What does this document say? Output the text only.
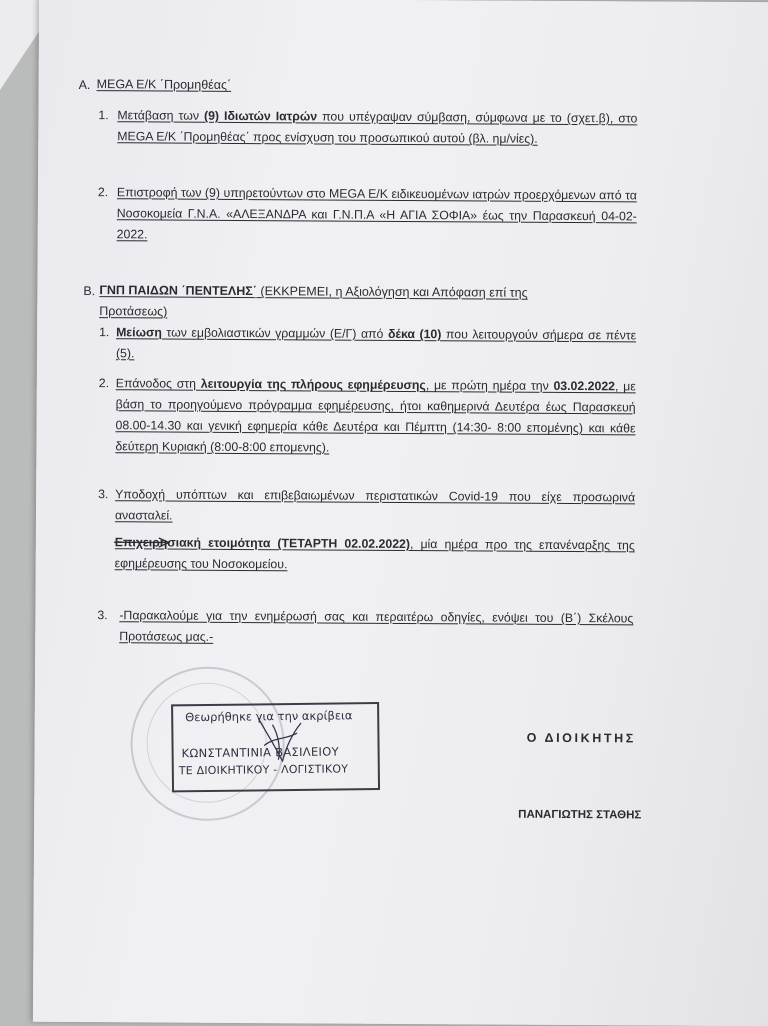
A. MEGA E/K ΄Προμηθέας΄
1. Μετάβαση των (9) Ιδιωτών Ιατρών που υπέγραψαν σύμβαση, σύμφωνα με το (σχετ.β), στο MEGA E/K ΄Προμηθέας΄ προς ενίσχυση του προσωπικού αυτού (βλ. ημ/νίες).
2. Επιστροφή των (9) υπηρετούντων στο MEGA E/K ειδικευομένων ιατρών προερχόμενων από τα Νοσοκομεία Γ.Ν.Α. «ΑΛΕΞΑΝΔΡΑ και Γ.Ν.Π.Α «Η ΑΓΙΑ ΣΟΦΙΑ» έως την Παρασκευή 04-02-2022.
B. ΓΝΠ ΠΑΙΔΩΝ ΄ΠΕΝΤΕΛΗΣ΄ (ΕΚΚΡΕΜΕΙ, η Αξιολόγηση και Απόφαση επί της Προτάσεως)
1. Μείωση των εμβολιαστικών γραμμών (Ε/Γ) από δέκα (10) που λειτουργούν σήμερα σε πέντε (5).
2. Επάνοδος στη λειτουργία της πλήρους εφημέρευσης, με πρώτη ημέρα την 03.02.2022, με βάση το προηγούμενο πρόγραμμα εφημέρευσης, ήτοι καθημερινά Δευτέρα έως Παρασκευή 08.00-14.30 και γενική εφημερία κάθε Δευτέρα και Πέμπτη (14:30- 8:00 επομένης) και κάθε δεύτερη Κυριακή (8:00-8:00 επομενης).
3. Υποδοχή υπόπτων και επιβεβαιωμένων περιστατικών Covid-19 που είχε προσωρινά ανασταλεί.
Επιχειρησιακή ετοιμότητα (ΤΕΤΑΡΤΗ 02.02.2022), μία ημέρα προ της επανέναρξης της εφημέρευσης του Νοσοκομείου.
3. -Παρακαλούμε για την ενημέρωσή σας και περαιτέρω οδηγίες, ενόψει του (Β΄) Σκέλους Προτάσεως μας.-
Θεωρήθηκε για την ακρίβεια
ΚΩΝΣΤΑΝΤΙΝΙΑ ΒΑΣΙΛΕΙΟΥ
ΤΕ ΔΙΟΙΚΗΤΙΚΟΥ - ΛΟΓΙΣΤΙΚΟΥ
Ο ΔΙΟΙΚΗΤΗΣ
ΠΑΝΑΓΙΩΤΗΣ ΣΤΑΘΗΣ
